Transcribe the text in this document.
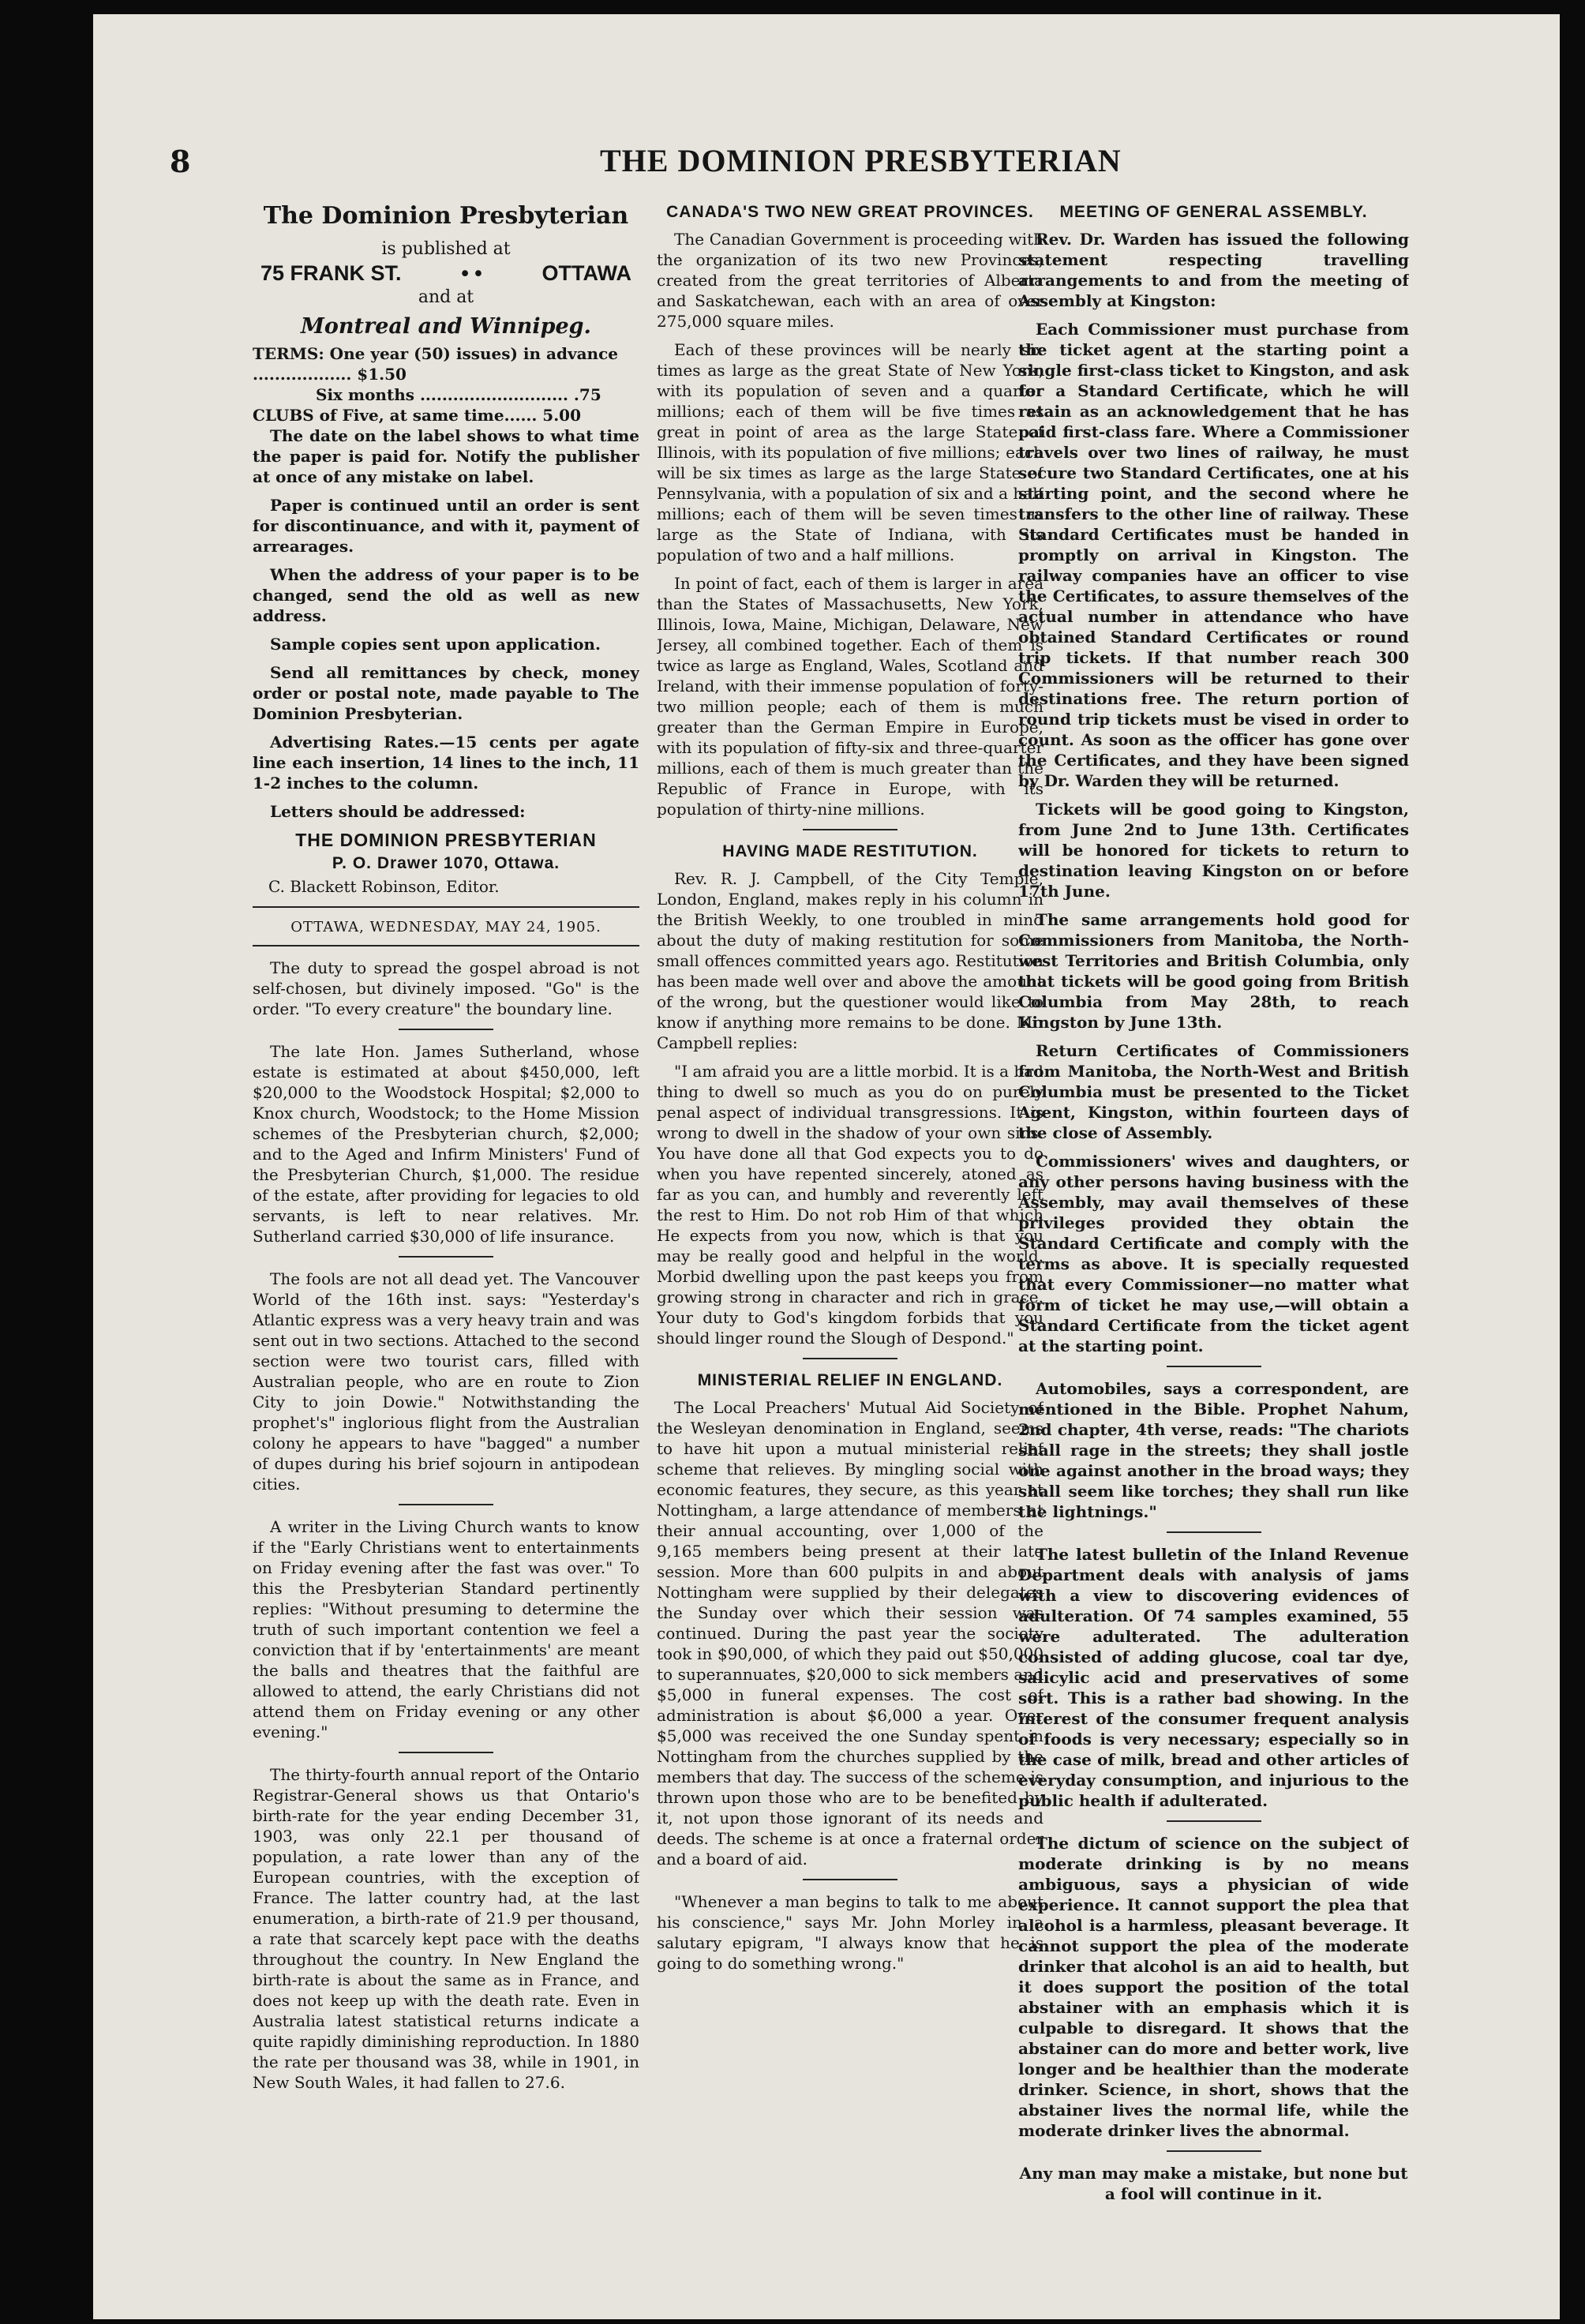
8	THE DOMINION PRESBYTERIAN
The Dominion Presbyterian
is published at
75 FRANK ST.	• •	OTTAWA
and at
Montreal and Winnipeg.
TERMS: One year (50) issues) in advance .................. $1.50
Six months ........................... .75
CLUBS of Five, at same time...... 5.00

The date on the label shows to what time the paper is paid for. Notify the publisher at once of any mistake on label.

Paper is continued until an order is sent for discontinuance, and with it, payment of arrearages.

When the address of your paper is to be changed, send the old as well as new address.

Sample copies sent upon application.

Send all remittances by check, money order or postal note, made payable to The Dominion Presbyterian.

Advertising Rates.—15 cents per agate line each insertion, 14 lines to the inch, 11 1-2 inches to the column.

Letters should be addressed:

THE DOMINION PRESBYTERIAN
P. O. Drawer 1070, Ottawa.
C. Blackett Robinson, Editor.
OTTAWA, WEDNESDAY, MAY 24, 1905.

The duty to spread the gospel abroad is not self-chosen, but divinely imposed. "Go" is the order. "To every creature" the boundary line.

The late Hon. James Sutherland, whose estate is estimated at about $450,000, left $20,000 to the Woodstock Hospital; $2,000 to Knox church, Woodstock; to the Home Mission schemes of the Presbyterian church, $2,000; and to the Aged and Infirm Ministers' Fund of the Presbyterian Church, $1,000. The residue of the estate, after providing for legacies to old servants, is left to near relatives. Mr. Sutherland carried $30,000 of life insurance.

The fools are not all dead yet. The Vancouver World of the 16th inst. says: "Yesterday's Atlantic express was a very heavy train and was sent out in two sections. Attached to the second section were two tourist cars, filled with Australian people, who are en route to Zion City to join Dowie." Notwithstanding the prophet's" inglorious flight from the Australian colony he appears to have "bagged" a number of dupes during his brief sojourn in antipodean cities.

A writer in the Living Church wants to know if the "Early Christians went to entertainments on Friday evening after the fast was over." To this the Presbyterian Standard pertinently replies: "Without presuming to determine the truth of such important contention we feel a conviction that if by 'entertainments' are meant the balls and theatres that the faithful are allowed to attend, the early Christians did not attend them on Friday evening or any other evening."

The thirty-fourth annual report of the Ontario Registrar-General shows us that Ontario's birth-rate for the year ending December 31, 1903, was only 22.1 per thousand of population, a rate lower than any of the European countries, with the exception of France. The latter country had, at the last enumeration, a birth-rate of 21.9 per thousand, a rate that scarcely kept pace with the deaths throughout the country. In New England the birth-rate is about the same as in France, and does not keep up with the death rate. Even in Australia latest statistical returns indicate a quite rapidly diminishing reproduction. In 1880 the rate per thousand was 38, while in 1901, in New South Wales, it had fallen to 27.6.

CANADA'S TWO NEW GREAT PROVINCES.

The Canadian Government is proceeding with the organization of its two new Provinces, created from the great territories of Alberta and Saskatchewan, each with an area of over 275,000 square miles.

Each of these provinces will be nearly six times as large as the great State of New York, with its population of seven and a quarter millions; each of them will be five times as great in point of area as the large State of Illinois, with its population of five millions; each will be six times as large as the large State of Pennsylvania, with a population of six and a half millions; each of them will be seven times as large as the State of Indiana, with its population of two and a half millions.

In point of fact, each of them is larger in area than the States of Massachusetts, New York, Illinois, Iowa, Maine, Michigan, Delaware, New Jersey, all combined together. Each of them is twice as large as England, Wales, Scotland and Ireland, with their immense population of forty-two million people; each of them is much greater than the German Empire in Europe, with its population of fifty-six and three-quarter millions, each of them is much greater than the Republic of France in Europe, with its population of thirty-nine millions.

HAVING MADE RESTITUTION.

Rev. R. J. Campbell, of the City Temple, London, England, makes reply in his column in the British Weekly, to one troubled in mind about the duty of making restitution for some small offences committed years ago. Restitution has been made well over and above the amount of the wrong, but the questioner would like to know if anything more remains to be done. Mr. Campbell replies:

"I am afraid you are a little morbid. It is a bad thing to dwell so much as you do on purely penal aspect of individual transgressions. It is wrong to dwell in the shadow of your own sins. You have done all that God expects you to do when you have repented sincerely, atoned as far as you can, and humbly and reverently left the rest to Him. Do not rob Him of that which He expects from you now, which is that you may be really good and helpful in the world. Morbid dwelling upon the past keeps you from growing strong in character and rich in grace. Your duty to God's kingdom forbids that you should linger round the Slough of Despond."

MINISTERIAL RELIEF IN ENGLAND.

The Local Preachers' Mutual Aid Society of the Wesleyan denomination in England, seems to have hit upon a mutual ministerial relief scheme that relieves. By mingling social with economic features, they secure, as this year at Nottingham, a large attendance of members at their annual accounting, over 1,000 of the 9,165 members being present at their late session. More than 600 pulpits in and about Nottingham were supplied by their delegates the Sunday over which their session was continued. During the past year the society took in $90,000, of which they paid out $50,000 to superannuates, $20,000 to sick members and $5,000 in funeral expenses. The cost of administration is about $6,000 a year. Over $5,000 was received the one Sunday spent in Nottingham from the churches supplied by the members that day. The success of the scheme is thrown upon those who are to be benefited by it, not upon those ignorant of its needs and deeds. The scheme is at once a fraternal order and a board of aid.

"Whenever a man begins to talk to me about his conscience," says Mr. John Morley in a salutary epigram, "I always know that he is going to do something wrong."

MEETING OF GENERAL ASSEMBLY.

Rev. Dr. Warden has issued the following statement respecting travelling arrangements to and from the meeting of Assembly at Kingston:

Each Commissioner must purchase from the ticket agent at the starting point a single first-class ticket to Kingston, and ask for a Standard Certificate, which he will retain as an acknowledgement that he has paid first-class fare. Where a Commissioner travels over two lines of railway, he must secure two Standard Certificates, one at his starting point, and the second where he transfers to the other line of railway. These Standard Certificates must be handed in promptly on arrival in Kingston. The railway companies have an officer to vise the Certificates, to assure themselves of the actual number in attendance who have obtained Standard Certificates or round trip tickets. If that number reach 300 Commissioners will be returned to their destinations free. The return portion of round trip tickets must be vised in order to count. As soon as the officer has gone over the Certificates, and they have been signed by Dr. Warden they will be returned.

Tickets will be good going to Kingston, from June 2nd to June 13th. Certificates will be honored for tickets to return to destination leaving Kingston on or before 17th June.

The same arrangements hold good for Commissioners from Manitoba, the North-west Territories and British Columbia, only that tickets will be good going from British Columbia from May 28th, to reach Kingston by June 13th.

Return Certificates of Commissioners from Manitoba, the North-West and British Columbia must be presented to the Ticket Agent, Kingston, within fourteen days of the close of Assembly.

Commissioners' wives and daughters, or any other persons having business with the Assembly, may avail themselves of these privileges provided they obtain the Standard Certificate and comply with the terms as above. It is specially requested that every Commissioner—no matter what form of ticket he may use,—will obtain a Standard Certificate from the ticket agent at the starting point.

Automobiles, says a correspondent, are mentioned in the Bible. Prophet Nahum, 2nd chapter, 4th verse, reads: "The chariots shall rage in the streets; they shall jostle one against another in the broad ways; they shall seem like torches; they shall run like the lightnings."

The latest bulletin of the Inland Revenue Department deals with analysis of jams with a view to discovering evidences of adulteration. Of 74 samples examined, 55 were adulterated. The adulteration consisted of adding glucose, coal tar dye, salicylic acid and preservatives of some sort. This is a rather bad showing. In the interest of the consumer frequent analysis of foods is very necessary; especially so in the case of milk, bread and other articles of everyday consumption, and injurious to the public health if adulterated.

The dictum of science on the subject of moderate drinking is by no means ambiguous, says a physician of wide experience. It cannot support the plea that alcohol is a harmless, pleasant beverage. It cannot support the plea of the moderate drinker that alcohol is an aid to health, but it does support the position of the total abstainer with an emphasis which it is culpable to disregard. It shows that the abstainer can do more and better work, live longer and be healthier than the moderate drinker. Science, in short, shows that the abstainer lives the normal life, while the moderate drinker lives the abnormal.

Any man may make a mistake, but none but a fool will continue in it.
